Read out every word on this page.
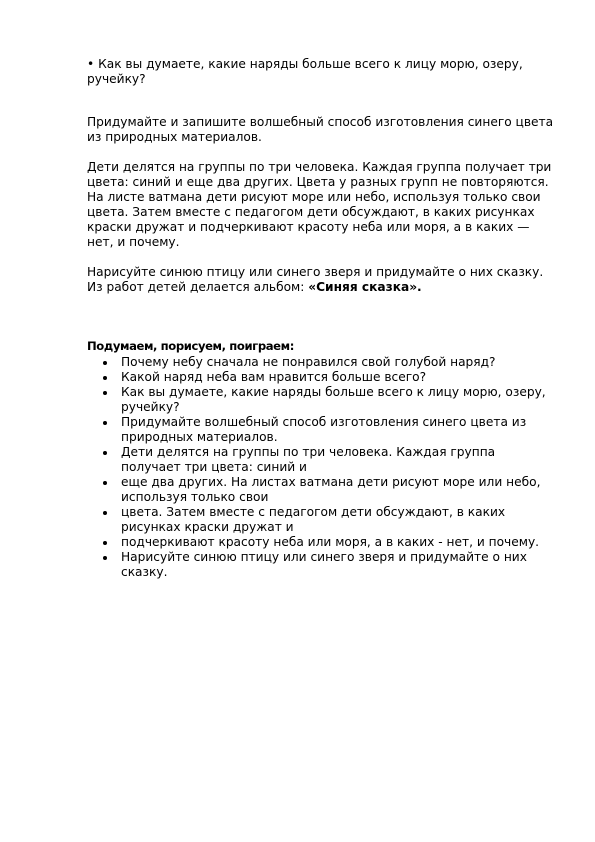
• Как вы думаете, какие наряды больше всего к лицу морю, озеру, ручейку?

Придумайте и запишите волшебный способ изготовления синего цвета из природных материалов.

Дети делятся на группы по три человека. Каждая группа получает три цвета: синий и еще два других. Цвета у разных групп не повторяются. На листе ватмана дети рисуют море или небо, используя только свои цвета. Затем вместе с педагогом дети обсуждают, в каких рисунках краски дружат и подчеркивают красоту неба или моря, а в каких — нет, и почему.

Нарисуйте синюю птицу или синего зверя и придумайте о них сказку. Из работ детей делается альбом: «Синяя сказка».

Подумаем, порисуем, поиграем:

Почему небу сначала не понравился свой голубой наряд?
Какой наряд неба вам нравится больше всего?
Как вы думаете, какие наряды больше всего к лицу морю, озеру, ручейку?
Придумайте волшебный способ изготовления синего цвета из природных материалов.
Дети делятся на группы по три человека. Каждая группа получает три цвета: синий и
еще два других. На листах ватмана дети рисуют море или небо, используя только свои
цвета. Затем вместе с педагогом дети обсуждают, в каких рисунках краски дружат и
подчеркивают красоту неба или моря, а в каких - нет, и почему.
Нарисуйте синюю птицу или синего зверя и придумайте о них сказку.
